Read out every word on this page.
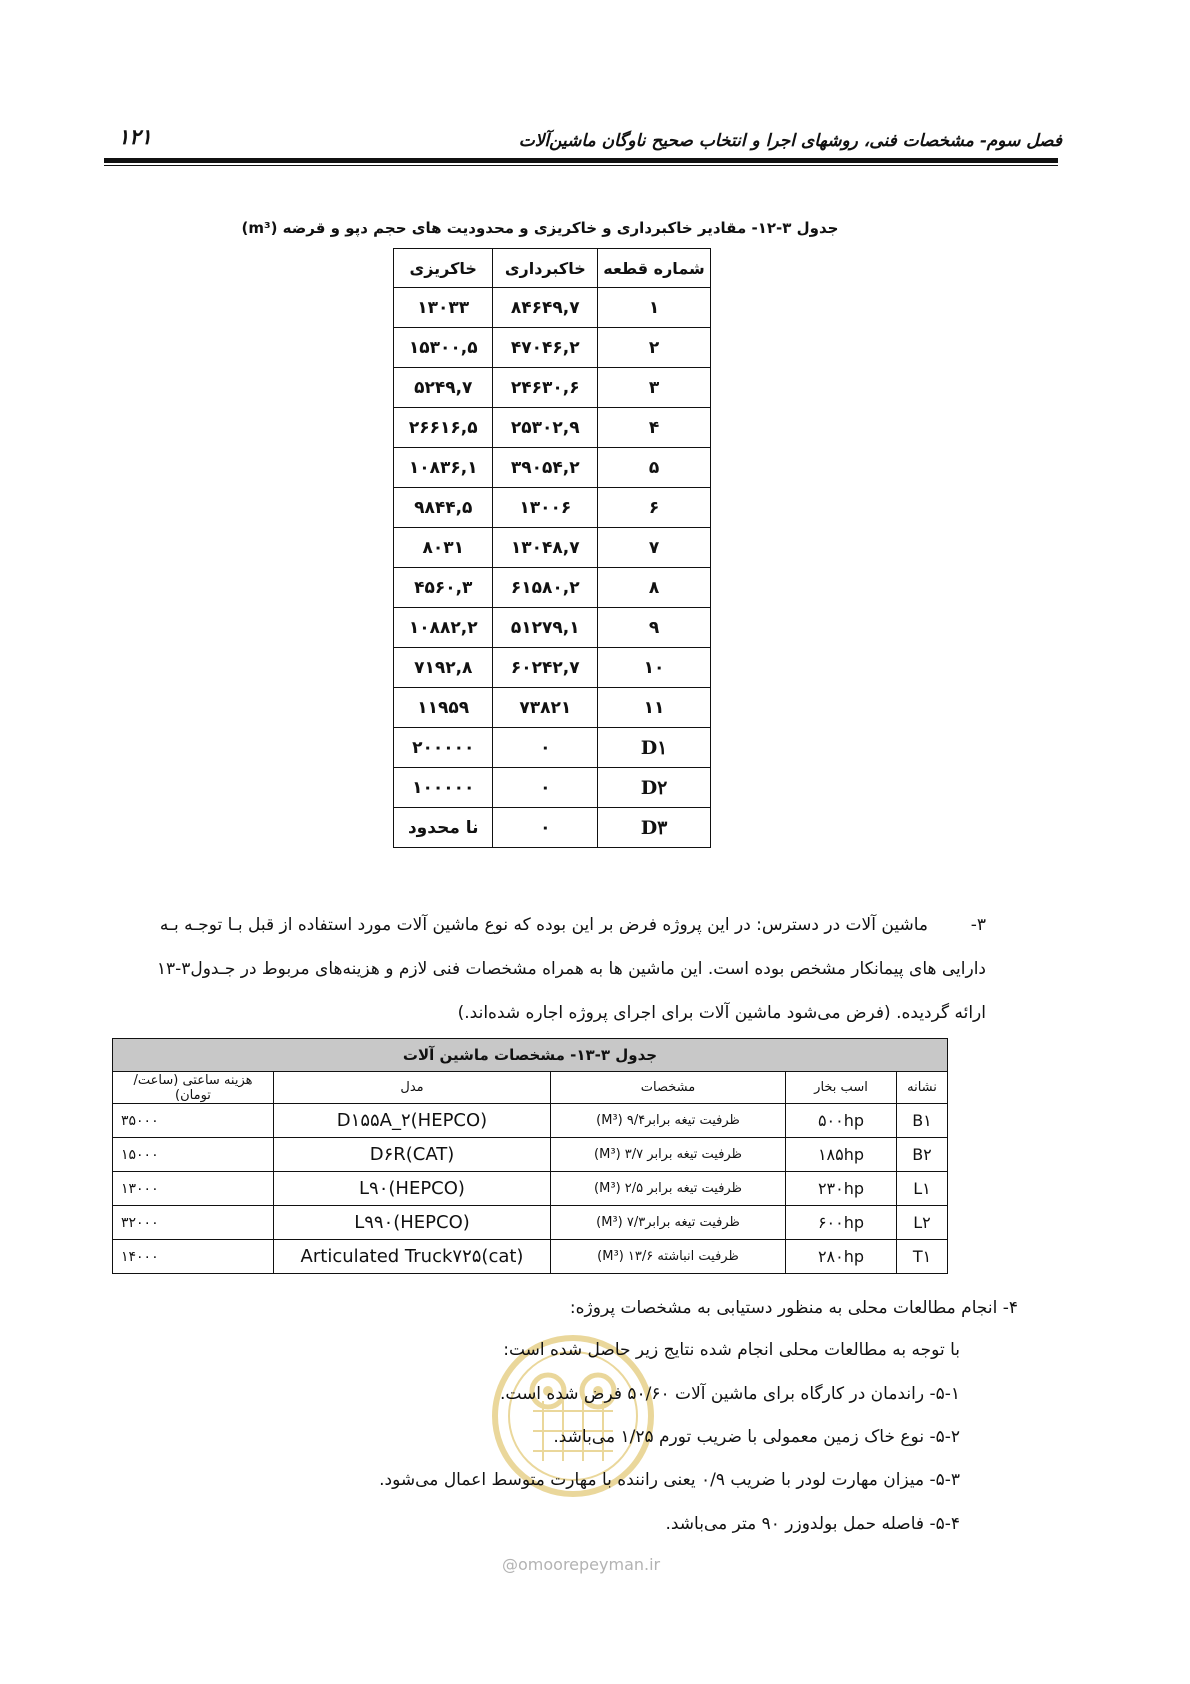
۱۲۱	فصل سوم- مشخصات فنی، روشهای اجرا و انتخاب صحیح ناوگان ماشین‌آلات
جدول ۳-۱۲- مقادیر خاکبرداری و خاکریزی و محدودیت های حجم دپو و قرضه (m³)
شماره قطعه	خاکبرداری	خاکریزی
۱	۸۴۶۴۹,۷	۱۳۰۳۳
۲	۴۷۰۴۶,۲	۱۵۳۰۰,۵
۳	۲۴۶۳۰,۶	۵۲۴۹,۷
۴	۲۵۳۰۲,۹	۲۶۶۱۶,۵
۵	۳۹۰۵۴,۲	۱۰۸۳۶,۱
۶	۱۳۰۰۶	۹۸۴۴,۵
۷	۱۳۰۴۸,۷	۸۰۳۱
۸	۶۱۵۸۰,۲	۴۵۶۰,۳
۹	۵۱۲۷۹,۱	۱۰۸۸۲,۲
۱۰	۶۰۲۴۲,۷	۷۱۹۲,۸
۱۱	۷۳۸۲۱	۱۱۹۵۹
D۱	۰	۲۰۰۰۰۰
D۲	۰	۱۰۰۰۰۰
D۳	۰	نا محدود
۳-

ماشین آلات در دسترس: در این پروژه فرض بر این بوده که نوع ماشین آلات مورد استفاده از قبل بـا توجـه بـه

دارایی های پیمانکار مشخص بوده است. این ماشین ها به همراه مشخصات فنی لازم و هزینه‌های مربوط در جـدول۳-۱۳

ارائه گردیده. (فرض می‌شود ماشین آلات برای اجرای پروژه اجاره شده‌اند.)

جدول ۳-۱۳- مشخصات ماشین آلات				
نشانه	اسب بخار	مشخصات	مدل	هزینه ساعتی (ساعت/تومان)
B۱	۵۰۰hp	ظرفیت تیغه برابر۹/۴ (M³)	D۱۵۵A_۲(HEPCO)	۳۵۰۰۰
B۲	۱۸۵hp	ظرفیت تیغه برابر ۳/۷ (M³)	D۶R(CAT)	۱۵۰۰۰
L۱	۲۳۰hp	ظرفیت تیغه برابر ۲/۵ (M³)	L۹۰(HEPCO)	۱۳۰۰۰
L۲	۶۰۰hp	ظرفیت تیغه برابر۷/۳ (M³)	L۹۹۰(HEPCO)	۳۲۰۰۰
T۱	۲۸۰hp	ظرفیت انباشته ۱۳/۶ (M³)	Articulated Truck۷۲۵(cat)	۱۴۰۰۰
۴- انجام مطالعات محلی به منظور دستیابی به مشخصات پروژه:
با توجه به مطالعات محلی انجام شده نتایج زیر حاصل شده است:
۵-۱- راندمان در کارگاه برای ماشین آلات ۵۰/۶۰ فرض شده است.
۵-۲- نوع خاک زمین معمولی با ضریب تورم ۱/۲۵ می‌باشد.
۵-۳- میزان مهارت لودر با ضریب ۰/۹ یعنی راننده با مهارت متوسط اعمال می‌شود.
۵-۴- فاصله حمل بولدوزر ۹۰ متر می‌باشد.
@omoorepeyman.ir
